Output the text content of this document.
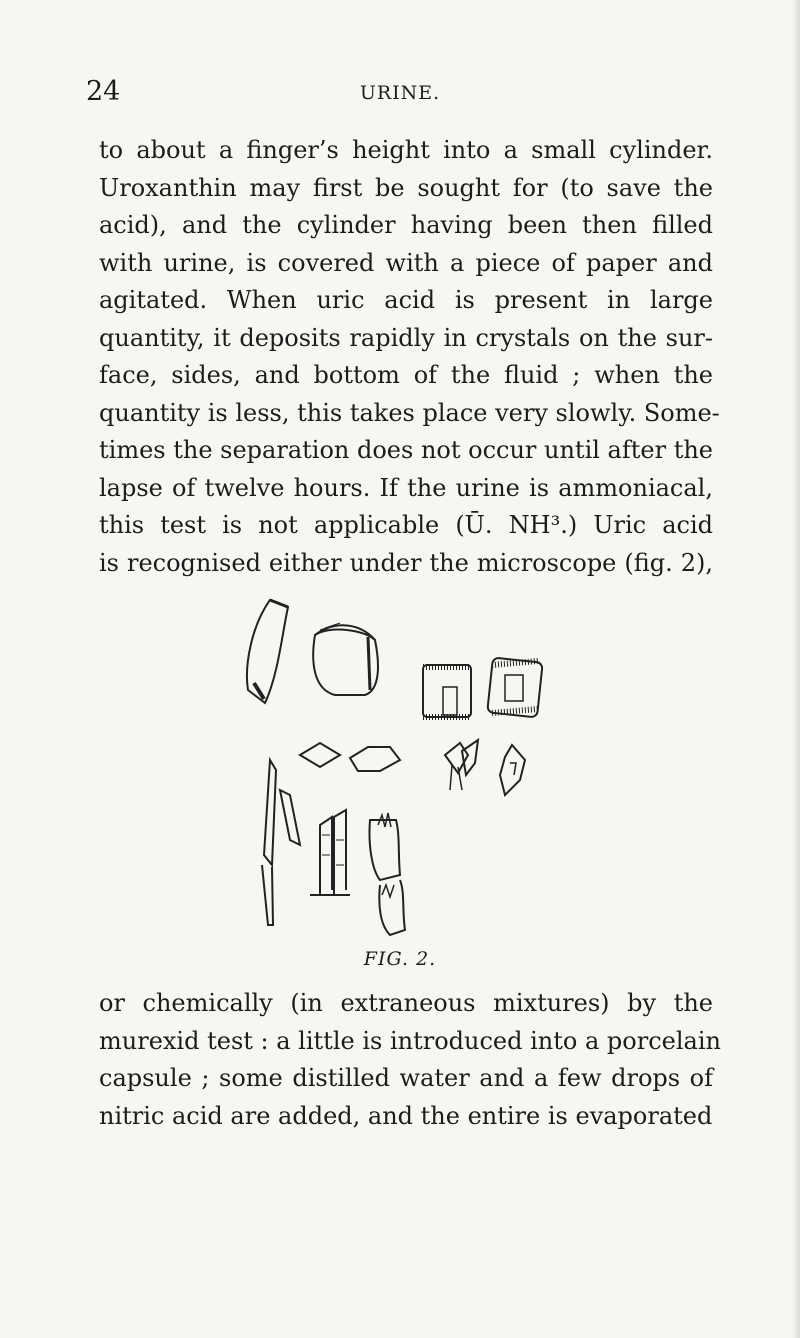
24	URINE.
to about a finger’s height into a small cylinder.
Uroxanthin may first be sought for (to save the
acid), and the cylinder having been then filled
with urine, is covered with a piece of paper and
agitated. When uric acid is present in large
quantity, it deposits rapidly in crystals on the sur-
face, sides, and bottom of the fluid ; when the
quantity is less, this takes place very slowly. Some-
times the separation does not occur until after the
lapse of twelve hours. If the urine is ammoniacal,
this test is not applicable (Ū. NH³.) Uric acid
is recognised either under the microscope (fig. 2),
FIG. 2.
or chemically (in extraneous mixtures) by the
murexid test : a little is introduced into a porcelain
capsule ; some distilled water and a few drops of
nitric acid are added, and the entire is evaporated
